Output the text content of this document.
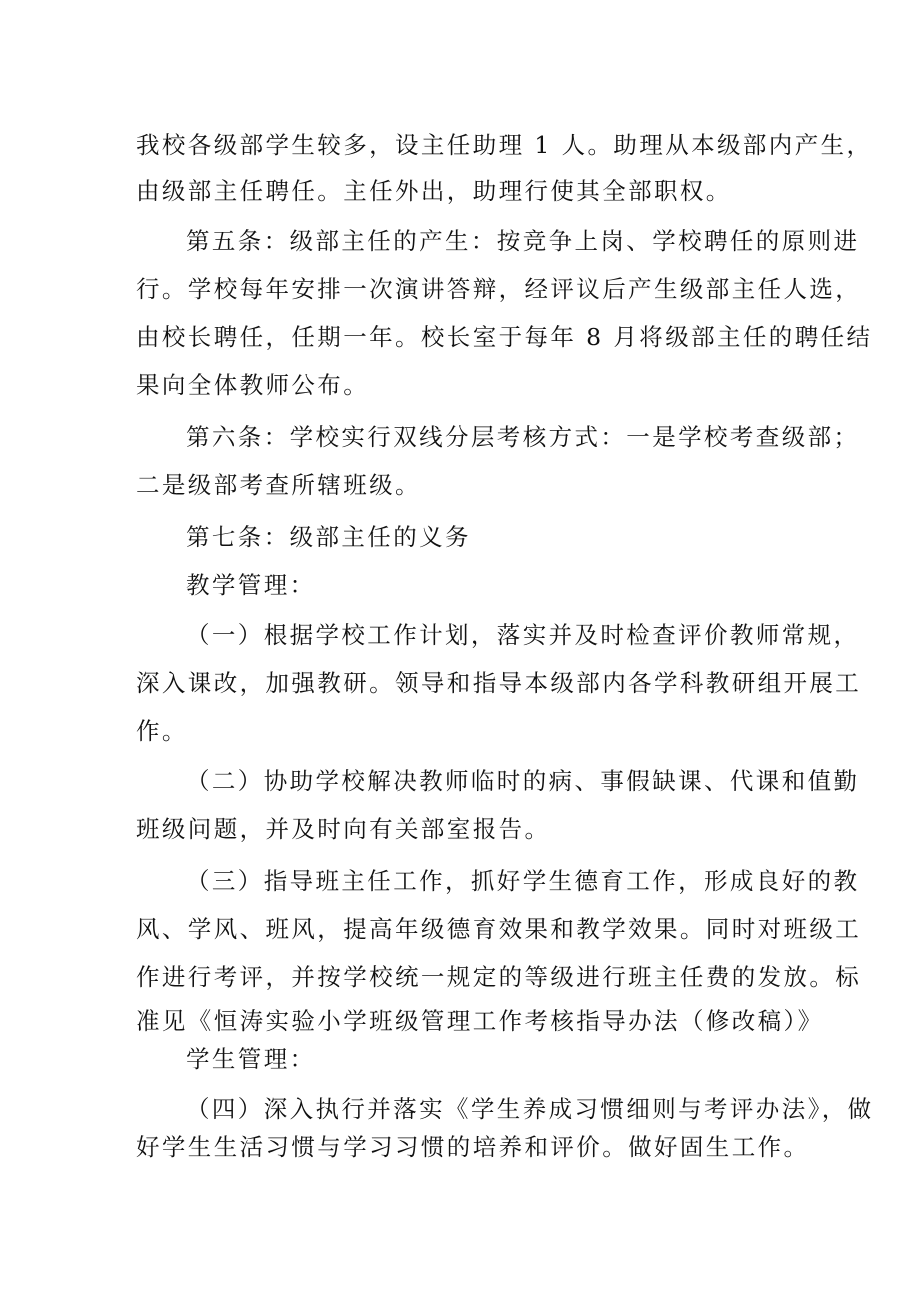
我校各级部学生较多，设主任助理 1 人。助理从本级部内产生，
由级部主任聘任。主任外出，助理行使其全部职权。
第五条：级部主任的产生：按竞争上岗、学校聘任的原则进
行。学校每年安排一次演讲答辩，经评议后产生级部主任人选，
由校长聘任，任期一年。校长室于每年 8 月将级部主任的聘任结
果向全体教师公布。
第六条：学校实行双线分层考核方式：一是学校考查级部；
二是级部考查所辖班级。
第七条：级部主任的义务
教学管理：
（一）根据学校工作计划，落实并及时检查评价教师常规，
深入课改，加强教研。领导和指导本级部内各学科教研组开展工
作。
（二）协助学校解决教师临时的病、事假缺课、代课和值勤
班级问题，并及时向有关部室报告。
（三）指导班主任工作，抓好学生德育工作，形成良好的教
风、学风、班风，提高年级德育效果和教学效果。同时对班级工
作进行考评，并按学校统一规定的等级进行班主任费的发放。标
准见《恒涛实验小学班级管理工作考核指导办法（修改稿）》
学生管理：
（四）深入执行并落实《学生养成习惯细则与考评办法》，做
好学生生活习惯与学习习惯的培养和评价。做好固生工作。
